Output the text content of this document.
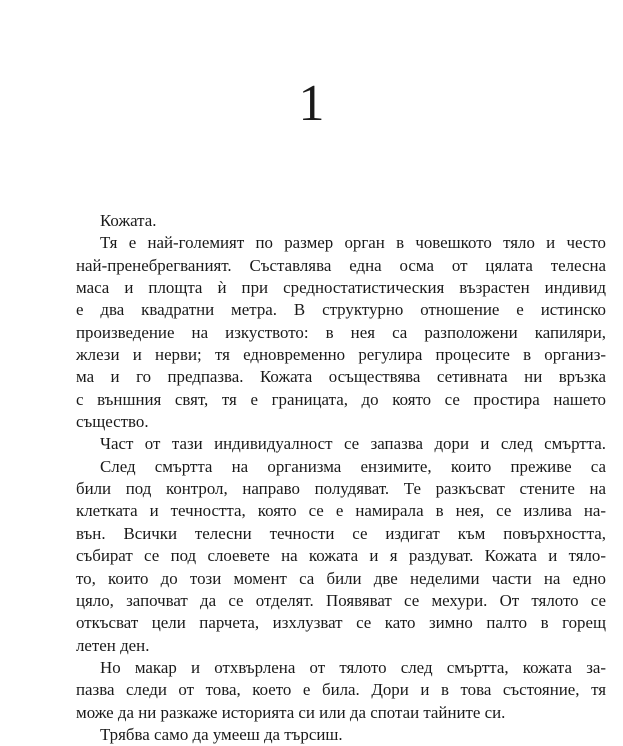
1
Кожата.
Тя е най-големият по размер орган в човешкото тяло и често
най-пренебрегваният. Съставлява една осма от цялата телесна
маса и площта ѝ при средностатистическия възрастен индивид
е два квадратни метра. В структурно отношение е истинско
произведение на изкуството: в нея са разположени капиляри,
жлези и нерви; тя едновременно регулира процесите в организ-
ма и го предпазва. Кожата осъществява сетивната ни връзка
с външния свят, тя е границата, до която се простира нашето
същество.
Част от тази индивидуалност се запазва дори и след смъртта.
След смъртта на организма ензимите, които преживе са
били под контрол, направо полудяват. Те разкъсват стените на
клетката и течността, която се е намирала в нея, се излива на-
вън. Всички телесни течности се издигат към повърхността,
събират се под слоевете на кожата и я раздуват. Кожата и тяло-
то, които до този момент са били две неделими части на едно
цяло, започват да се отделят. Появяват се мехури. От тялото се
откъсват цели парчета, изхлузват се като зимно палто в горещ
летен ден.
Но макар и отхвърлена от тялото след смъртта, кожата за-
пазва следи от това, което е била. Дори и в това състояние, тя
може да ни разкаже историята си или да спотаи тайните си.
Трябва само да умееш да търсиш.
